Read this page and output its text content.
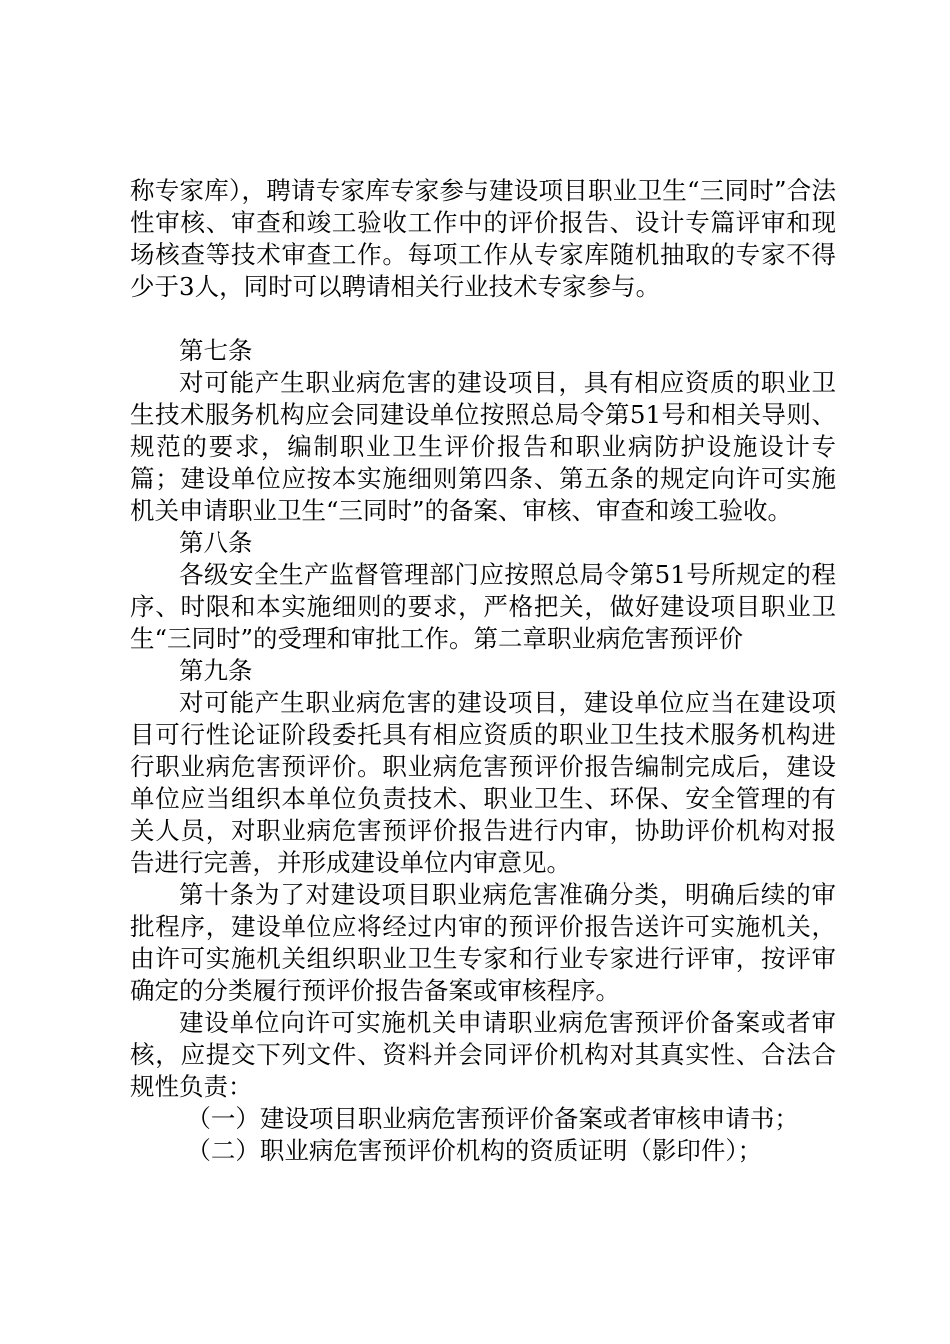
称专家库），聘请专家库专家参与建设项目职业卫生“三同时”合法性审核、审查和竣工验收工作中的评价报告、设计专篇评审和现场核查等技术审查工作。每项工作从专家库随机抽取的专家不得少于3人，同时可以聘请相关行业技术专家参与。

第七条

对可能产生职业病危害的建设项目，具有相应资质的职业卫生技术服务机构应会同建设单位按照总局令第51号和相关导则、规范的要求，编制职业卫生评价报告和职业病防护设施设计专篇；建设单位应按本实施细则第四条、第五条的规定向许可实施机关申请职业卫生“三同时”的备案、审核、审查和竣工验收。

第八条

各级安全生产监督管理部门应按照总局令第51号所规定的程序、时限和本实施细则的要求，严格把关，做好建设项目职业卫生“三同时”的受理和审批工作。第二章职业病危害预评价

第九条

对可能产生职业病危害的建设项目，建设单位应当在建设项目可行性论证阶段委托具有相应资质的职业卫生技术服务机构进行职业病危害预评价。职业病危害预评价报告编制完成后，建设单位应当组织本单位负责技术、职业卫生、环保、安全管理的有关人员，对职业病危害预评价报告进行内审，协助评价机构对报告进行完善，并形成建设单位内审意见。

第十条为了对建设项目职业病危害准确分类，明确后续的审批程序，建设单位应将经过内审的预评价报告送许可实施机关，由许可实施机关组织职业卫生专家和行业专家进行评审，按评审确定的分类履行预评价报告备案或审核程序。

建设单位向许可实施机关申请职业病危害预评价备案或者审核，应提交下列文件、资料并会同评价机构对其真实性、合法合规性负责：

（一）建设项目职业病危害预评价备案或者审核申请书；

（二）职业病危害预评价机构的资质证明（影印件）；
